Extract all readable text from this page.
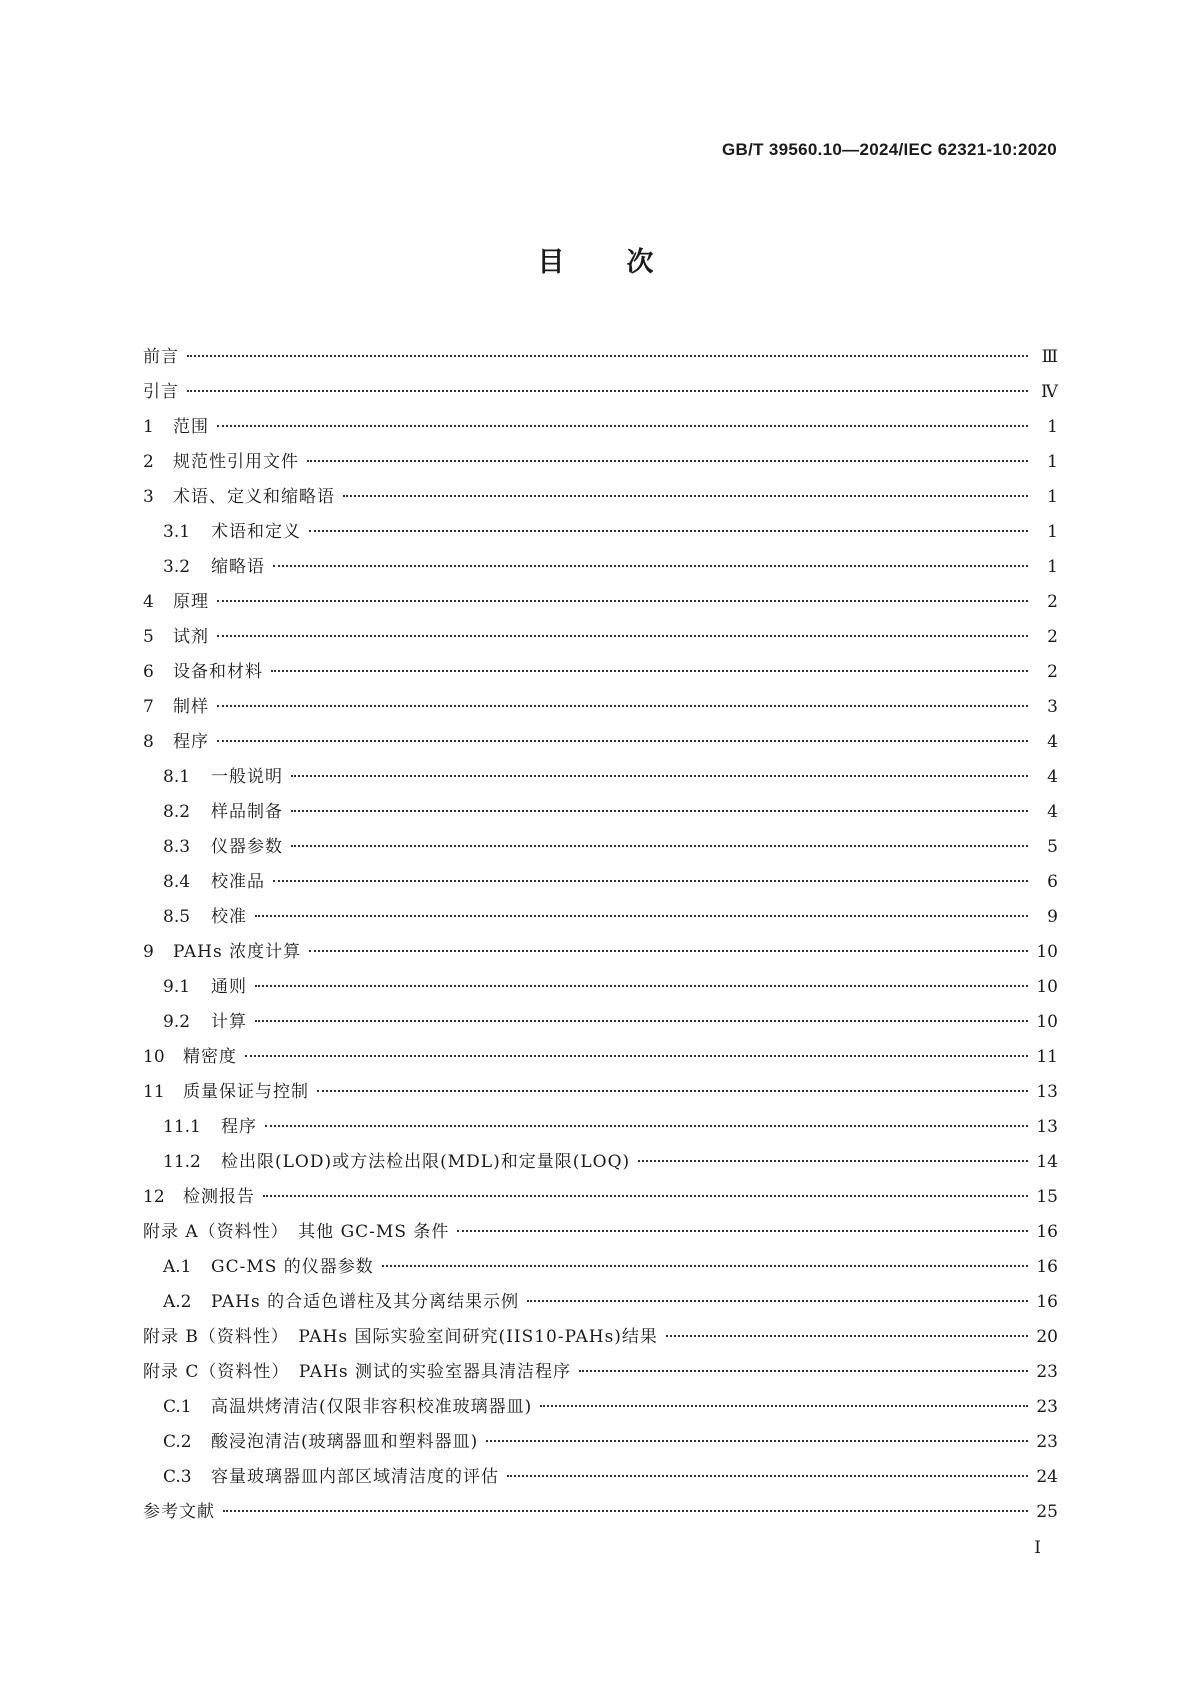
GB/T 39560.10—2024/IEC 62321-10:2020
目次
前言	Ⅲ
引言	Ⅳ
1	范围	1
2	规范性引用文件	1
3	术语、定义和缩略语	1
3.1	术语和定义	1
3.2	缩略语	1
4	原理	2
5	试剂	2
6	设备和材料	2
7	制样	3
8	程序	4
8.1	一般说明	4
8.2	样品制备	4
8.3	仪器参数	5
8.4	校准品	6
8.5	校准	9
9	PAHs 浓度计算	10
9.1	通则	10
9.2	计算	10
10	精密度	11
11	质量保证与控制	13
11.1	程序	13
11.2	检出限(LOD)或方法检出限(MDL)和定量限(LOQ)	14
12	检测报告	15
附录 A（资料性）　其他 GC-MS 条件	16
A.1	GC-MS 的仪器参数	16
A.2	PAHs 的合适色谱柱及其分离结果示例	16
附录 B（资料性）　PAHs 国际实验室间研究(IIS10-PAHs)结果	20
附录 C（资料性）　PAHs 测试的实验室器具清洁程序	23
C.1	高温烘烤清洁(仅限非容积校准玻璃器皿)	23
C.2	酸浸泡清洁(玻璃器皿和塑料器皿)	23
C.3	容量玻璃器皿内部区域清洁度的评估	24
参考文献	25
I
